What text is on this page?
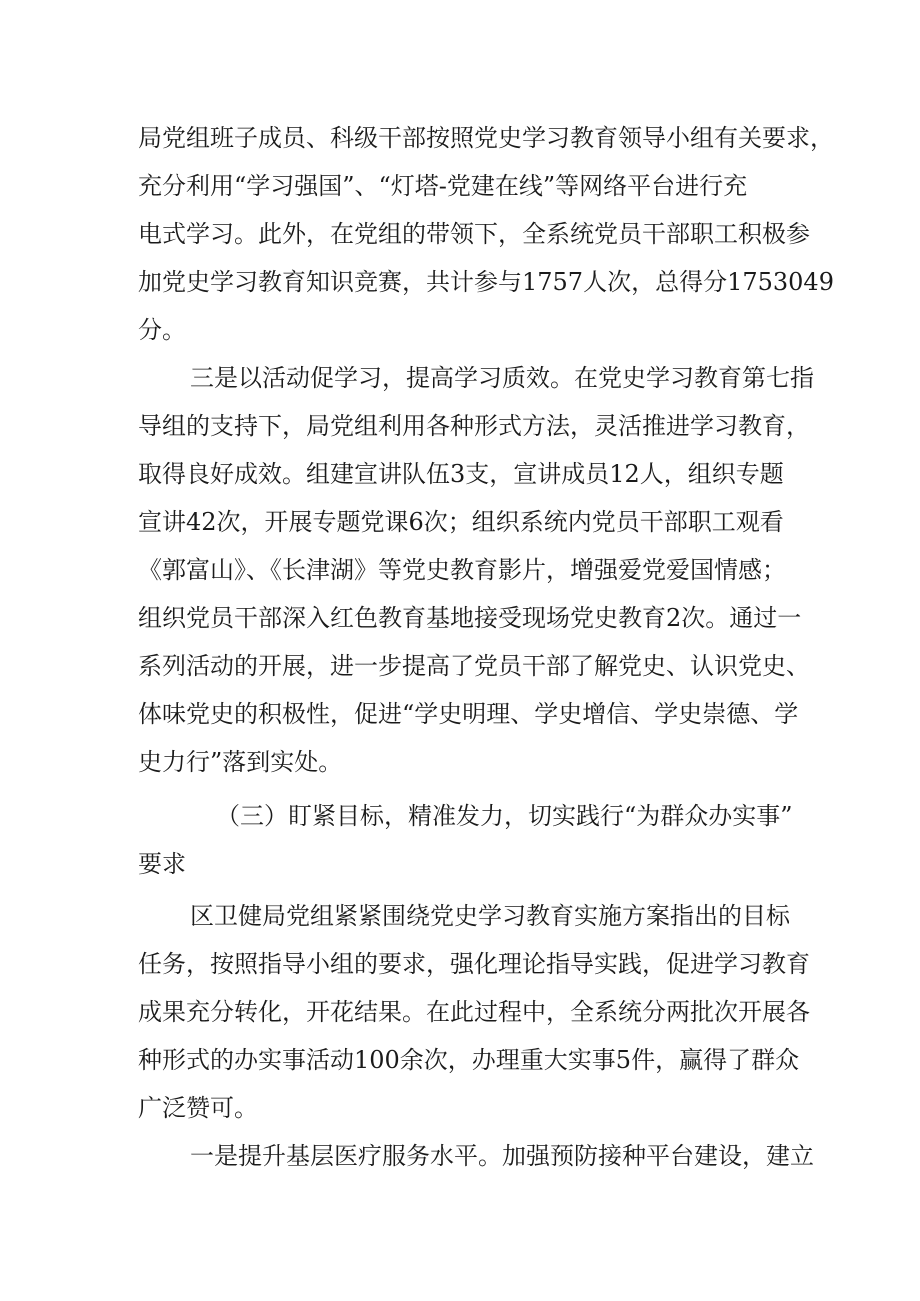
局党组班子成员、科级干部按照党史学习教育领导小组有关要求，

充分利用“学习强国”、“灯塔-党建在线”等网络平台进行充

电式学习。此外，在党组的带领下，全系统党员干部职工积极参

加党史学习教育知识竞赛，共计参与1757人次，总得分1753049

分。

三是以活动促学习，提高学习质效。在党史学习教育第七指

导组的支持下，局党组利用各种形式方法，灵活推进学习教育，

取得良好成效。组建宣讲队伍3支，宣讲成员12人，组织专题

宣讲42次，开展专题党课6次；组织系统内党员干部职工观看

《郭富山》、《长津湖》等党史教育影片，增强爱党爱国情感；

组织党员干部深入红色教育基地接受现场党史教育2次。通过一

系列活动的开展，进一步提高了党员干部了解党史、认识党史、

体味党史的积极性，促进“学史明理、学史增信、学史崇德、学

史力行”落到实处。

（三）盯紧目标，精准发力，切实践行“为群众办实事”

要求

区卫健局党组紧紧围绕党史学习教育实施方案指出的目标

任务，按照指导小组的要求，强化理论指导实践，促进学习教育

成果充分转化，开花结果。在此过程中，全系统分两批次开展各

种形式的办实事活动100余次，办理重大实事5件，赢得了群众

广泛赞可。

一是提升基层医疗服务水平。加强预防接种平台建设，建立
